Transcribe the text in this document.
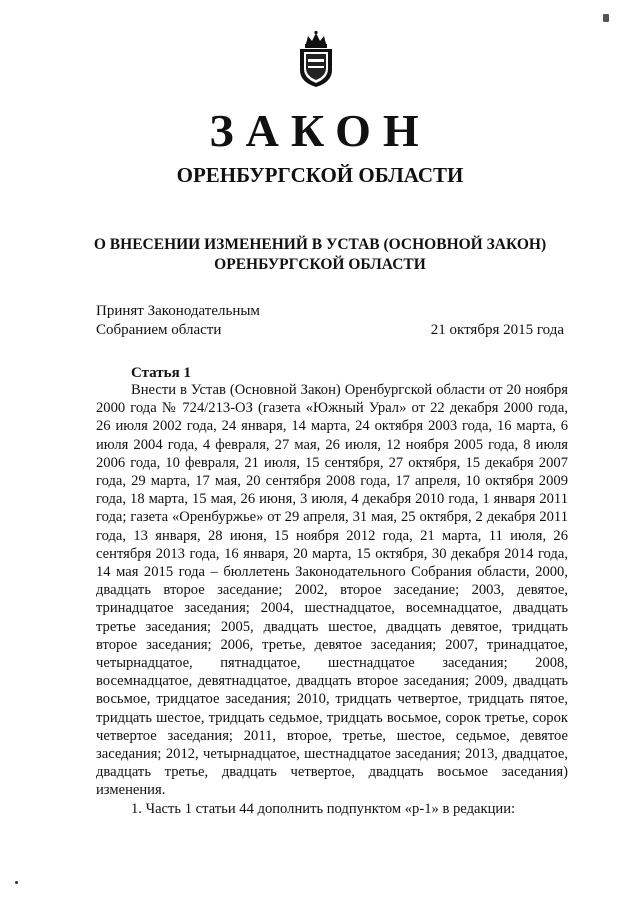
ЗАКОН
ОРЕНБУРГСКОЙ ОБЛАСТИ
О ВНЕСЕНИИ ИЗМЕНЕНИЙ В УСТАВ (ОСНОВНОЙ ЗАКОН)
ОРЕНБУРГСКОЙ ОБЛАСТИ
Принят Законодательным
Собранием области	21 октября 2015 года
Статья 1

Внести в Устав (Основной Закон) Оренбургской области от 20 ноября 2000 года № 724/213-ОЗ (газета «Южный Урал» от 22 декабря 2000 года, 26 июля 2002 года, 24 января, 14 марта, 24 октября 2003 года, 16 марта, 6 июля 2004 года, 4 февраля, 27 мая, 26 июля, 12 ноября 2005 года, 8 июля 2006 года, 10 февраля, 21 июля, 15 сентября, 27 октября, 15 декабря 2007 года, 29 марта, 17 мая, 20 сентября 2008 года, 17 апреля, 10 октября 2009 года, 18 марта, 15 мая, 26 июня, 3 июля, 4 декабря 2010 года, 1 января 2011 года; газета «Оренбуржье» от 29 апреля, 31 мая, 25 октября, 2 декабря 2011 года, 13 января, 28 июня, 15 ноября 2012 года, 21 марта, 11 июля, 26 сентября 2013 года, 16 января, 20 марта, 15 октября, 30 декабря 2014 года, 14 мая 2015 года – бюллетень Законодательного Собрания области, 2000, двадцать второе заседание; 2002, второе заседание; 2003, девятое, тринадцатое заседания; 2004, шестнадцатое, восемнадцатое, двадцать третье заседания; 2005, двадцать шестое, двадцать девятое, тридцать второе заседания; 2006, третье, девятое заседания; 2007, тринадцатое, четырнадцатое, пятнадцатое, шестнадцатое заседания; 2008, восемнадцатое, девятнадцатое, двадцать второе заседания; 2009, двадцать восьмое, тридцатое заседания; 2010, тридцать четвертое, тридцать пятое, тридцать шестое, тридцать седьмое, тридцать восьмое, сорок третье, сорок четвертое заседания; 2011, второе, третье, шестое, седьмое, девятое заседания; 2012, четырнадцатое, шестнадцатое заседания; 2013, двадцатое, двадцать третье, двадцать четвертое, двадцать восьмое заседания) изменения.

1. Часть 1 статьи 44 дополнить подпунктом «р-1» в редакции:
